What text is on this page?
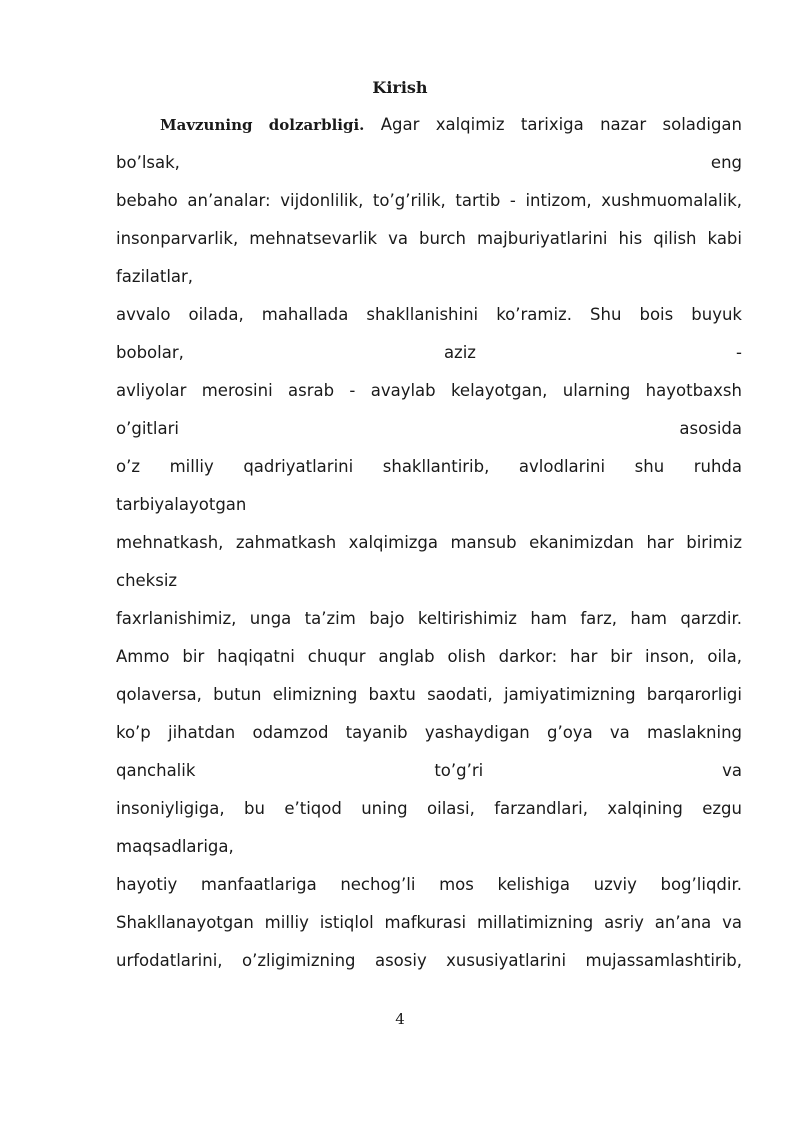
Kirish
Mavzuning dolzarbligi. Agar xalqimiz tarixiga nazar soladigan
bo’lsak, eng
bebaho an’analar: vijdonlilik, to’g’rilik, tartib - intizom, xushmuomalalik,
insonparvarlik, mehnatsevarlik va burch majburiyatlarini his qilish kabi
fazilatlar,
avvalo oilada, mahallada shakllanishini ko’ramiz. Shu bois buyuk
bobolar, aziz -
avliyolar merosini asrab - avaylab kelayotgan, ularning hayotbaxsh
o’gitlari asosida
o’z milliy qadriyatlarini shakllantirib, avlodlarini shu ruhda
tarbiyalayotgan
mehnatkash, zahmatkash xalqimizga mansub ekanimizdan har birimiz
cheksiz
faxrlanishimiz, unga ta’zim bajo keltirishimiz ham farz, ham qarzdir.
Ammo bir haqiqatni chuqur anglab olish darkor: har bir inson, oila,
qolaversa, butun elimizning baxtu saodati, jamiyatimizning barqarorligi
ko’p jihatdan odamzod tayanib yashaydigan g’oya va maslakning
qanchalik to’g’ri va
insoniyligiga, bu e’tiqod uning oilasi, farzandlari, xalqining ezgu
maqsadlariga,
hayotiy manfaatlariga nechog’li mos kelishiga uzviy bog’liqdir.
Shakllanayotgan milliy istiqlol mafkurasi millatimizning asriy an’ana va
urfodatlarini, o’zligimizning asosiy xususiyatlarini mujassamlashtirib,
4
